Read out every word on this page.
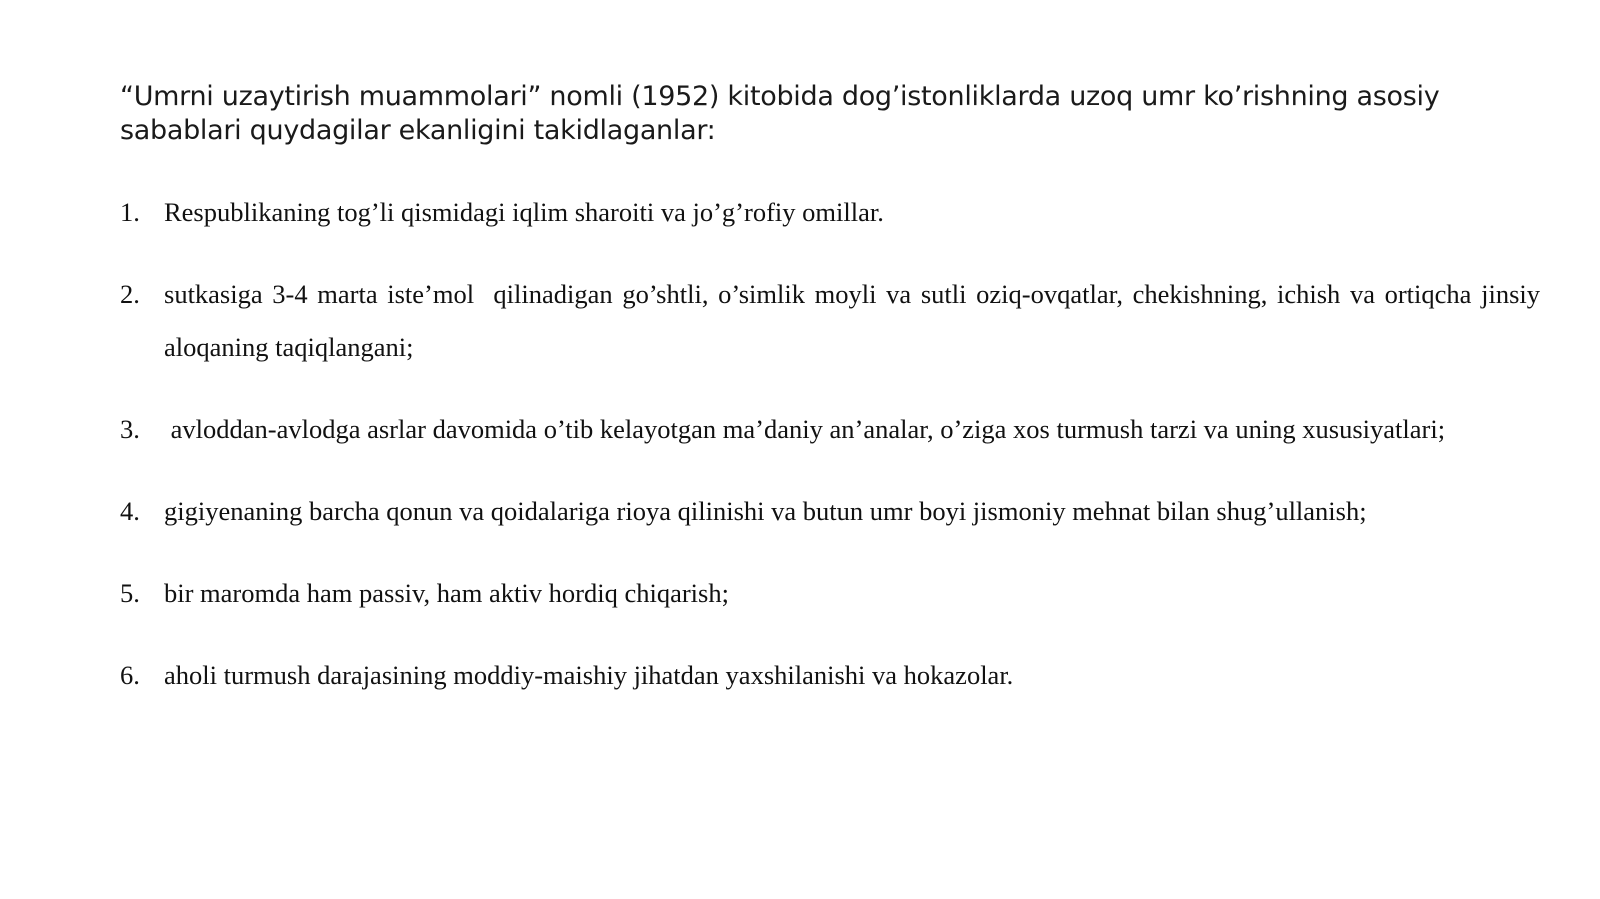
“Umrni uzaytirish muammolari” nomli (1952) kitobida dog’istonliklarda uzoq umr ko’rishning asosiy sabablari quydagilar ekanligini takidlaganlar:
1. Respublikaning tog’li qismidagi iqlim sharoiti va jo’g’rofiy omillar.
2. sutkasiga 3-4 marta iste’mol  qilinadigan go’shtli, o’simlik moyli va sutli oziq-ovqatlar, chekishning, ichish va ortiqcha jinsiy aloqaning taqiqlangani;
3. avloddan-avlodga asrlar davomida o’tib kelayotgan ma’daniy an’analar, o’ziga xos turmush tarzi va uning xususiyatlari;
4. gigiyenaning barcha qonun va qoidalariga rioya qilinishi va butun umr boyi jismoniy mehnat bilan shug’ullanish;
5. bir maromda ham passiv, ham aktiv hordiq chiqarish;
6. aholi turmush darajasining moddiy-maishiy jihatdan yaxshilanishi va hokazolar.
